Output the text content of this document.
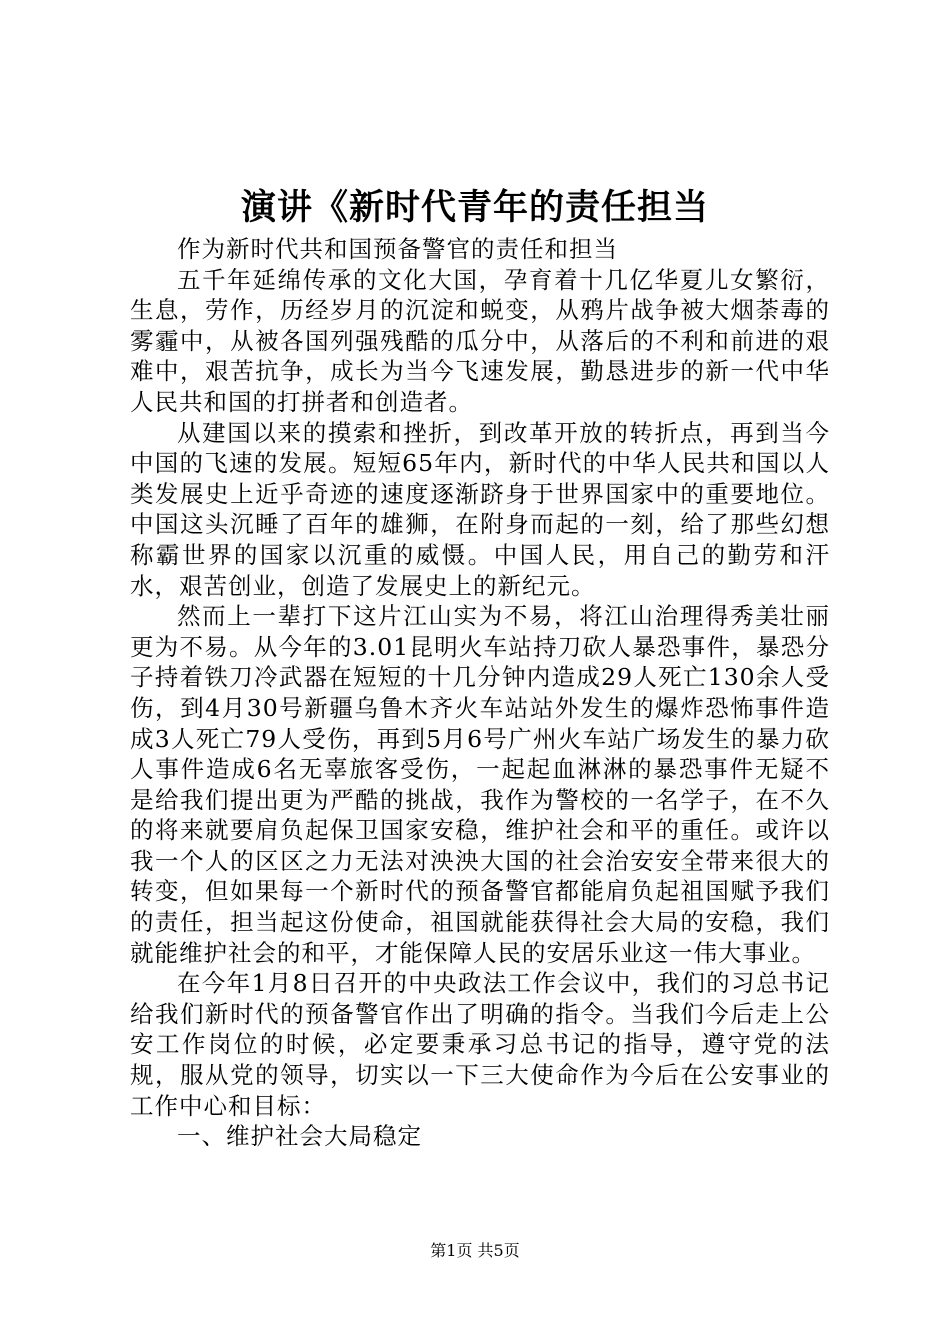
演讲《新时代青年的责任担当

作为新时代共和国预备警官的责任和担当

五千年延绵传承的文化大国，孕育着十几亿华夏儿女繁衍，生息，劳作，历经岁月的沉淀和蜕变，从鸦片战争被大烟荼毒的雾霾中，从被各国列强残酷的瓜分中，从落后的不利和前进的艰难中，艰苦抗争，成长为当今飞速发展，勤恳进步的新一代中华人民共和国的打拼者和创造者。

从建国以来的摸索和挫折，到改革开放的转折点，再到当今中国的飞速的发展。短短65年内，新时代的中华人民共和国以人类发展史上近乎奇迹的速度逐渐跻身于世界国家中的重要地位。中国这头沉睡了百年的雄狮，在附身而起的一刻，给了那些幻想称霸世界的国家以沉重的威慑。中国人民，用自己的勤劳和汗水，艰苦创业，创造了发展史上的新纪元。

然而上一辈打下这片江山实为不易，将江山治理得秀美壮丽更为不易。从今年的3.01昆明火车站持刀砍人暴恐事件，暴恐分子持着铁刀冷武器在短短的十几分钟内造成29人死亡130余人受伤，到4月30号新疆乌鲁木齐火车站站外发生的爆炸恐怖事件造成3人死亡79人受伤，再到5月6号广州火车站广场发生的暴力砍人事件造成6名无辜旅客受伤，一起起血淋淋的暴恐事件无疑不是给我们提出更为严酷的挑战，我作为警校的一名学子，在不久的将来就要肩负起保卫国家安稳，维护社会和平的重任。或许以我一个人的区区之力无法对泱泱大国的社会治安安全带来很大的转变，但如果每一个新时代的预备警官都能肩负起祖国赋予我们的责任，担当起这份使命，祖国就能获得社会大局的安稳，我们就能维护社会的和平，才能保障人民的安居乐业这一伟大事业。

在今年1月8日召开的中央政法工作会议中，我们的习总书记给我们新时代的预备警官作出了明确的指令。当我们今后走上公安工作岗位的时候，必定要秉承习总书记的指导，遵守党的法规，服从党的领导，切实以一下三大使命作为今后在公安事业的工作中心和目标：

一、维护社会大局稳定

第1页 共5页
